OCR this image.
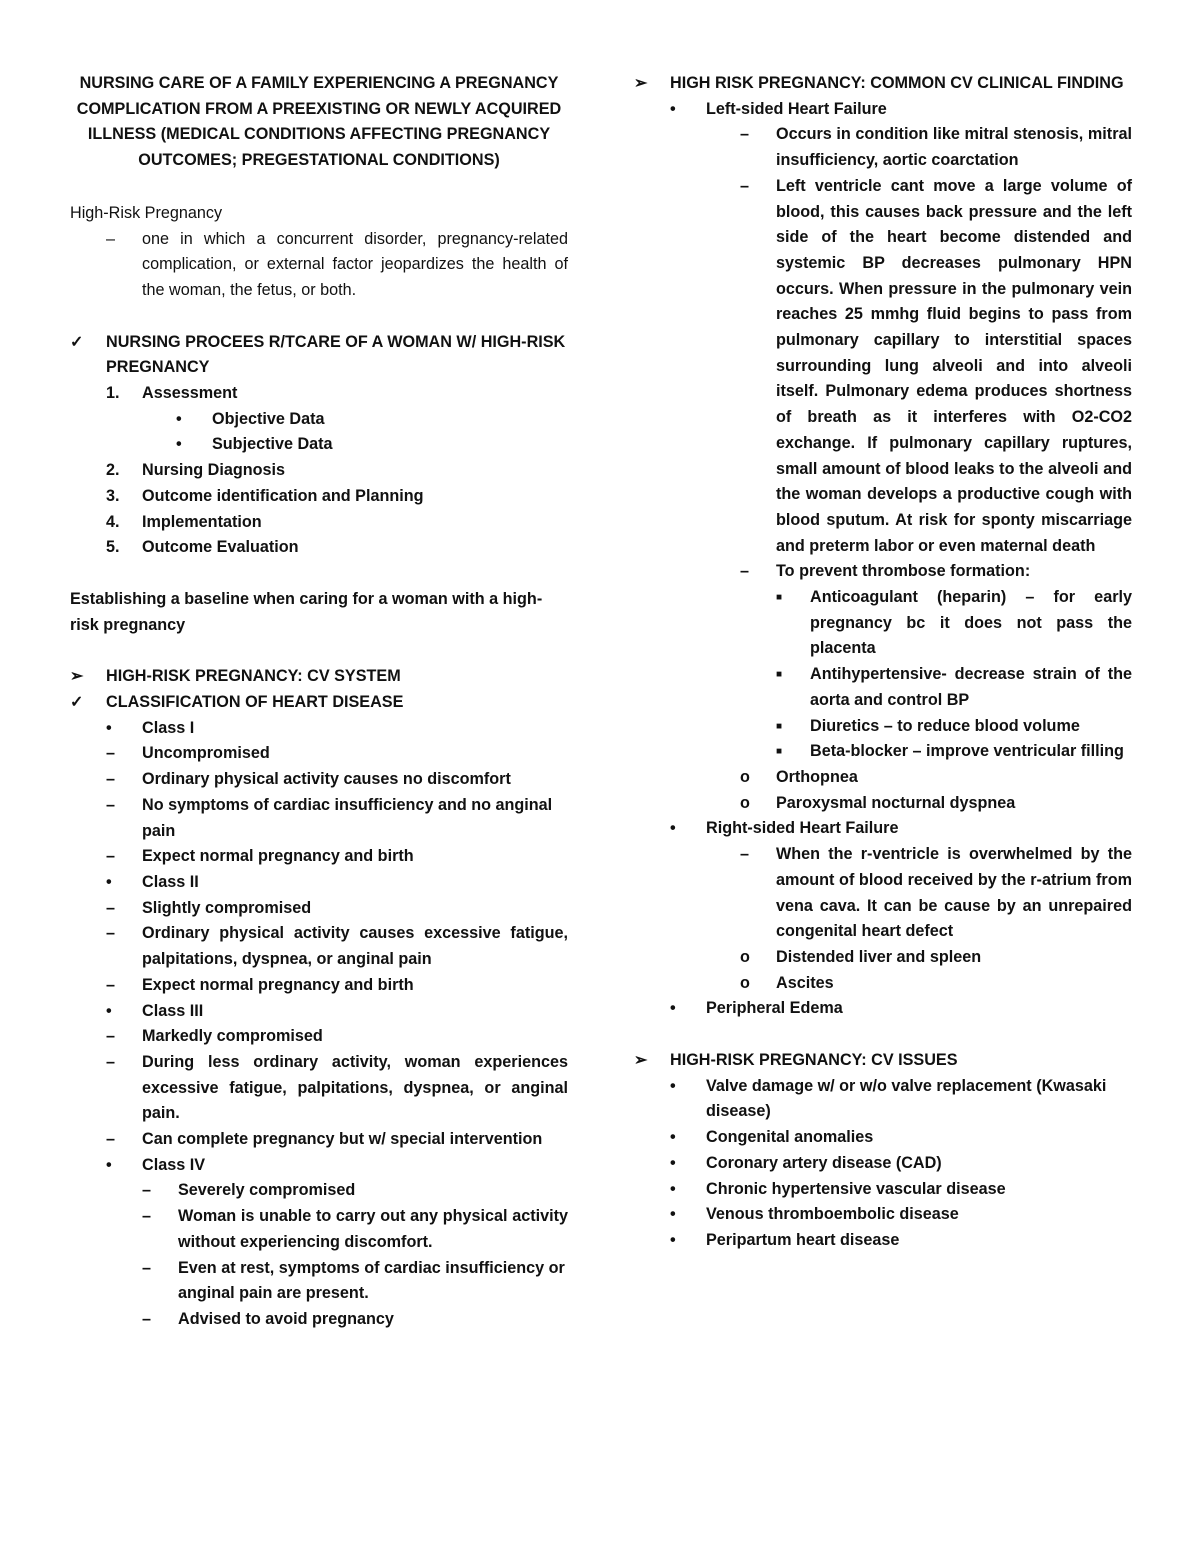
NURSING CARE OF A FAMILY EXPERIENCING A PREGNANCY
COMPLICATION FROM A PREEXISTING OR NEWLY ACQUIRED
ILLNESS (MEDICAL CONDITIONS AFFECTING PREGNANCY
OUTCOMES; PREGESTATIONAL CONDITIONS)
High-Risk Pregnancy
–	one in which a concurrent disorder, pregnancy-related complication, or external factor jeopardizes the health of the woman, the fetus, or both.
✓	NURSING PROCEES R/TCARE OF A WOMAN W/ HIGH-RISK PREGNANCY
1.	Assessment
•	Objective Data
•	Subjective Data
2.	Nursing Diagnosis
3.	Outcome identification and Planning
4.	Implementation
5.	Outcome Evaluation
Establishing a baseline when caring for a woman with a high-risk pregnancy
➢	HIGH-RISK PREGNANCY: CV SYSTEM
✓	CLASSIFICATION OF HEART DISEASE
•	Class I
–	Uncompromised
–	Ordinary physical activity causes no discomfort
–	No symptoms of cardiac insufficiency and no anginal pain
–	Expect normal pregnancy and birth
•	Class II
–	Slightly compromised
–	Ordinary physical activity causes excessive fatigue, palpitations, dyspnea, or anginal pain
–	Expect normal pregnancy and birth
•	Class III
–	Markedly compromised
–	During less ordinary activity, woman experiences excessive fatigue, palpitations, dyspnea, or anginal pain.
–	Can complete pregnancy but w/ special intervention
•	Class IV
–	Severely compromised
–	Woman is unable to carry out any physical activity without experiencing discomfort.
–	Even at rest, symptoms of cardiac insufficiency or anginal pain are present.
–	Advised to avoid pregnancy
➢	HIGH RISK PREGNANCY: COMMON CV CLINICAL FINDING
•	Left-sided Heart Failure
–	Occurs in condition like mitral stenosis, mitral insufficiency, aortic coarctation
–	Left ventricle cant move a large volume of blood, this causes back pressure and the left side of the heart become distended and systemic BP decreases pulmonary HPN occurs. When pressure in the pulmonary vein reaches 25 mmhg fluid begins to pass from pulmonary capillary to interstitial spaces surrounding lung alveoli and into alveoli itself. Pulmonary edema produces shortness of breath as it interferes with O2-CO2 exchange. If pulmonary capillary ruptures, small amount of blood leaks to the alveoli and the woman develops a productive cough with blood sputum. At risk for sponty miscarriage and preterm labor or even maternal death
–	To prevent thrombose formation:
■	Anticoagulant (heparin) – for early pregnancy bc it does not pass the placenta
■	Antihypertensive- decrease strain of the aorta and control BP
■	Diuretics – to reduce blood volume
■	Beta-blocker – improve ventricular filling
o	Orthopnea
o	Paroxysmal nocturnal dyspnea
•	Right-sided Heart Failure
–	When the r-ventricle is overwhelmed by the amount of blood received by the r-atrium from vena cava. It can be cause by an unrepaired congenital heart defect
o	Distended liver and spleen
o	Ascites
•	Peripheral Edema
➢	HIGH-RISK PREGNANCY: CV ISSUES
•	Valve damage w/ or w/o valve replacement (Kwasaki disease)
•	Congenital anomalies
•	Coronary artery disease (CAD)
•	Chronic hypertensive vascular disease
•	Venous thromboembolic disease
•	Peripartum heart disease
